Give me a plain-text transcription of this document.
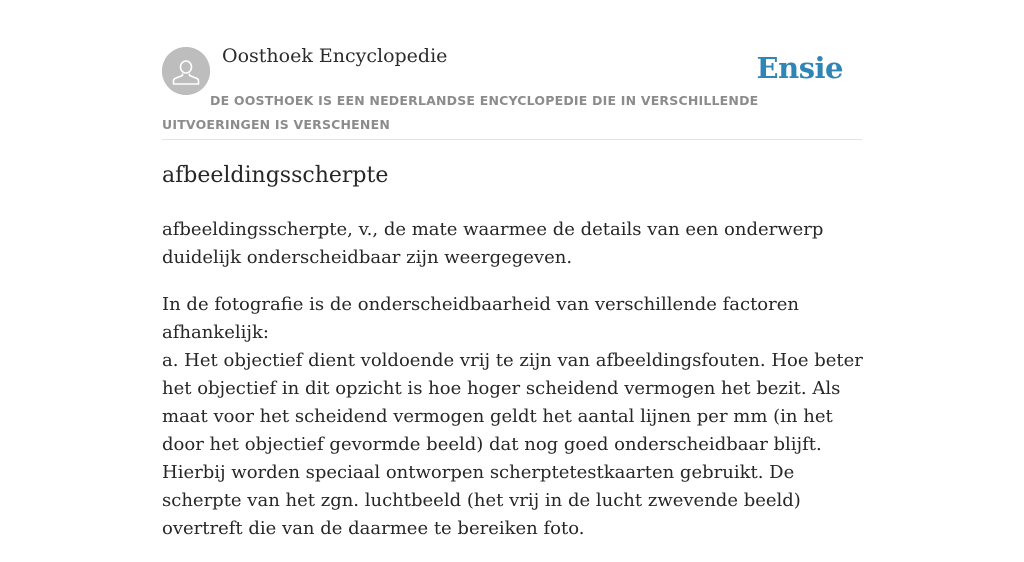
Oosthoek Encyclopedie	Ensie
DE OOSTHOEK IS EEN NEDERLANDSE ENCYCLOPEDIE DIE IN VERSCHILLENDE UITVOERINGEN IS VERSCHENEN
afbeeldingsscherpte

afbeeldingsscherpte, v., de mate waarmee de details van een onderwerp duidelijk onderscheidbaar zijn weergegeven.

In de fotografie is de onderscheidbaarheid van verschillende factoren afhankelijk:
a. Het objectief dient voldoende vrij te zijn van afbeeldingsfouten. Hoe beter het objectief in dit opzicht is hoe hoger scheidend vermogen het bezit. Als maat voor het scheidend vermogen geldt het aantal lijnen per mm (in het door het objectief gevormde beeld) dat nog goed onderscheidbaar blijft. Hierbij worden speciaal ontworpen scherptetestkaarten gebruikt. De scherpte van het zgn. luchtbeeld (het vrij in de lucht zwevende beeld) overtreft die van de daarmee te bereiken foto.
